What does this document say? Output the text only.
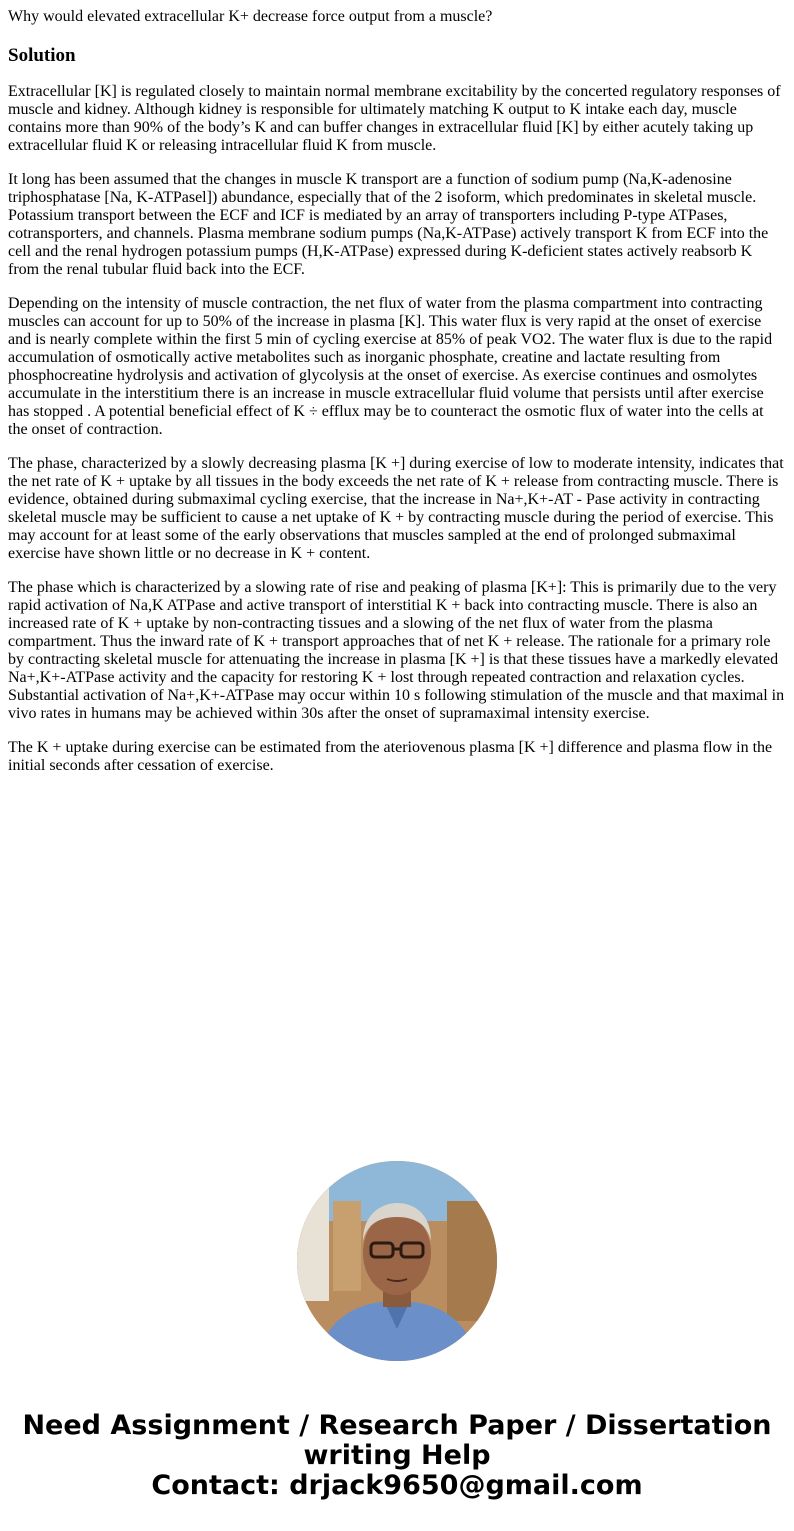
Why would elevated extracellular K+ decrease force output from a muscle?
Solution

Extracellular [K] is regulated closely to maintain normal membrane excitability by the concerted regulatory responses of muscle and kidney. Although kidney is responsible for ultimately matching K output to K intake each day, muscle contains more than 90% of the body’s K and can buffer changes in extracellular fluid [K] by either acutely taking up extracellular fluid K or releasing intracellular fluid K from muscle.

It long has been assumed that the changes in muscle K transport are a function of sodium pump (Na,K-adenosine triphosphatase [Na, K-ATPasel]) abundance, especially that of the 2 isoform, which predominates in skeletal muscle. Potassium transport between the ECF and ICF is mediated by an array of transporters including P-type ATPases, cotransporters, and channels. Plasma membrane sodium pumps (Na,K-ATPase) actively transport K from ECF into the cell and the renal hydrogen potassium pumps (H,K-ATPase) expressed during K-deficient states actively reabsorb K from the renal tubular fluid back into the ECF.

Depending on the intensity of muscle contraction, the net flux of water from the plasma compartment into contracting muscles can account for up to 50% of the increase in plasma [K]. This water flux is very rapid at the onset of exercise and is nearly complete within the first 5 min of cycling exercise at 85% of peak VO2. The water flux is due to the rapid accumulation of osmotically active metabolites such as inorganic phosphate, creatine and lactate resulting from phosphocreatine hydrolysis and activation of glycolysis at the onset of exercise. As exercise continues and osmolytes accumulate in the interstitium there is an increase in muscle extracellular fluid volume that persists until after exercise has stopped . A potential beneficial effect of K ÷ efflux may be to counteract the osmotic flux of water into the cells at the onset of contraction.

The phase, characterized by a slowly decreasing plasma [K +] during exercise of low to moderate intensity, indicates that the net rate of K + uptake by all tissues in the body exceeds the net rate of K + release from contracting muscle. There is evidence, obtained during submaximal cycling exercise, that the increase in Na+,K+-AT - Pase activity in contracting skeletal muscle may be sufficient to cause a net uptake of K + by contracting muscle during the period of exercise. This may account for at least some of the early observations that muscles sampled at the end of prolonged submaximal exercise have shown little or no decrease in K + content.

The phase which is characterized by a slowing rate of rise and peaking of plasma [K+]: This is primarily due to the very rapid activation of Na,K ATPase and active transport of interstitial K + back into contracting muscle. There is also an increased rate of K + uptake by non-contracting tissues and a slowing of the net flux of water from the plasma compartment. Thus the inward rate of K + transport approaches that of net K + release. The rationale for a primary role by contracting skeletal muscle for attenuating the increase in plasma [K +] is that these tissues have a markedly elevated Na+,K+-ATPase activity and the capacity for restoring K + lost through repeated contraction and relaxation cycles. Substantial activation of Na+,K+-ATPase may occur within 10 s following stimulation of the muscle and that maximal in vivo rates in humans may be achieved within 30s after the onset of supramaximal intensity exercise.

The K + uptake during exercise can be estimated from the ateriovenous plasma [K +] difference and plasma flow in the initial seconds after cessation of exercise.

Need Assignment / Research Paper / Dissertation
writing Help
Contact: drjack9650@gmail.com
